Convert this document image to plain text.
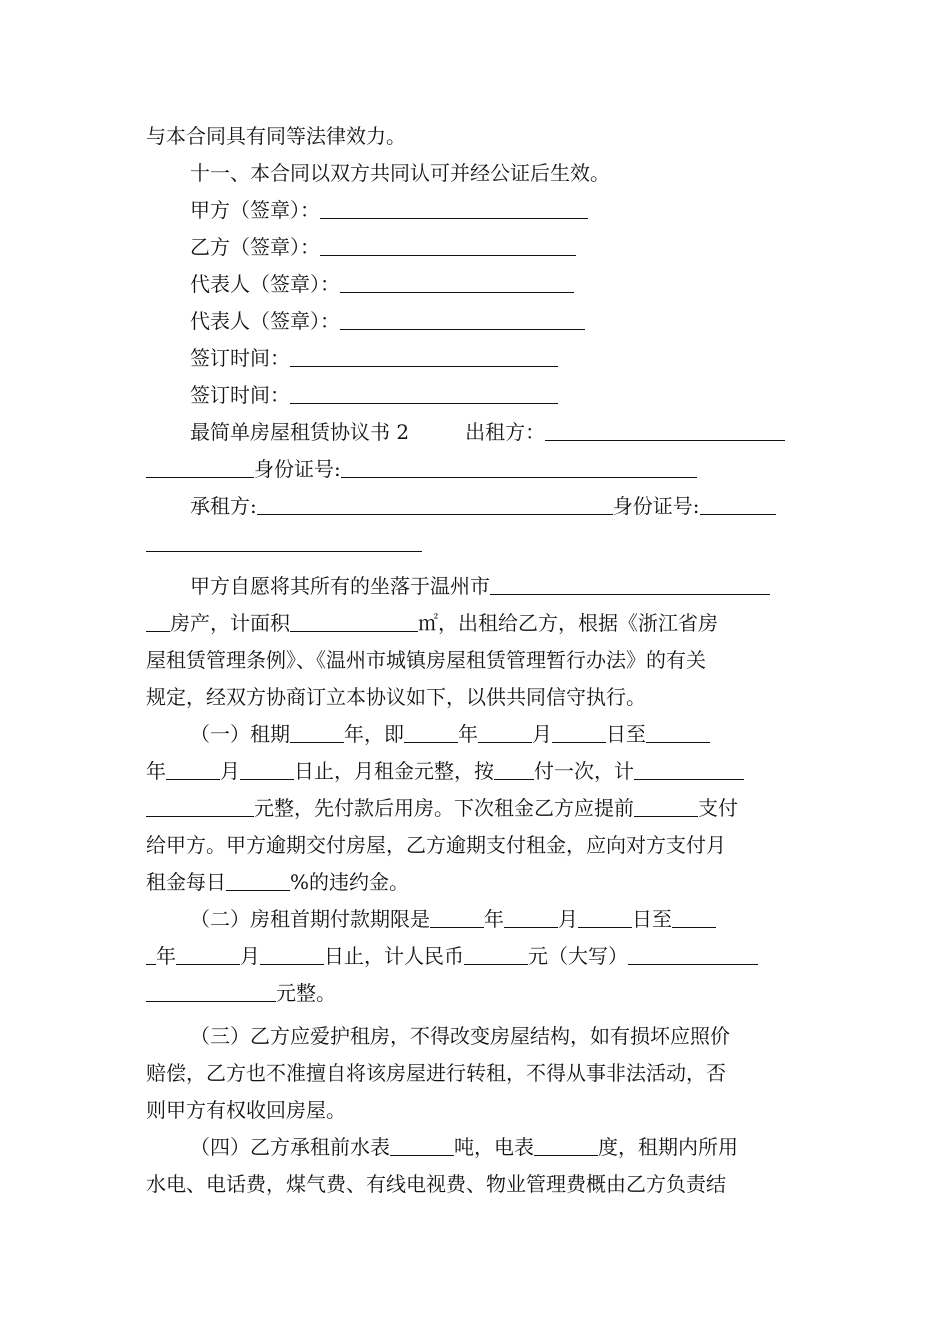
与本合同具有同等法律效力。
十一、本合同以双方共同认可并经公证后生效。
甲方（签章）：
乙方（签章）：
代表人（签章）：
代表人（签章）：
签订时间：
签订时间：
最简单房屋租赁协议书 2	出租方：
身份证号:
承租方:	身份证号:
甲方自愿将其所有的坐落于温州市
房产，计面积	㎡，出租给乙方，根据《浙江省房
屋租赁管理条例》、《温州市城镇房屋租赁管理暂行办法》的有关
规定，经双方协商订立本协议如下，以供共同信守执行。
（一）租期	年，即	年	月	日至
年	月	日止，月租金元整，按 付一次，计
元整，先付款后用房。下次租金乙方应提前	支付
给甲方。甲方逾期交付房屋，乙方逾期支付租金，应向对方支付月
租金每日	%的违约金。
（二）房租首期付款期限是	年	月	日至
年	月	日止，计人民币	元（大写）
元整。
（三）乙方应爱护租房，不得改变房屋结构，如有损坏应照价
赔偿，乙方也不准擅自将该房屋进行转租，不得从事非法活动，否
则甲方有权收回房屋。
（四）乙方承租前水表	吨，电表	度，租期内所用
水电、电话费，煤气费、有线电视费、物业管理费概由乙方负责结
